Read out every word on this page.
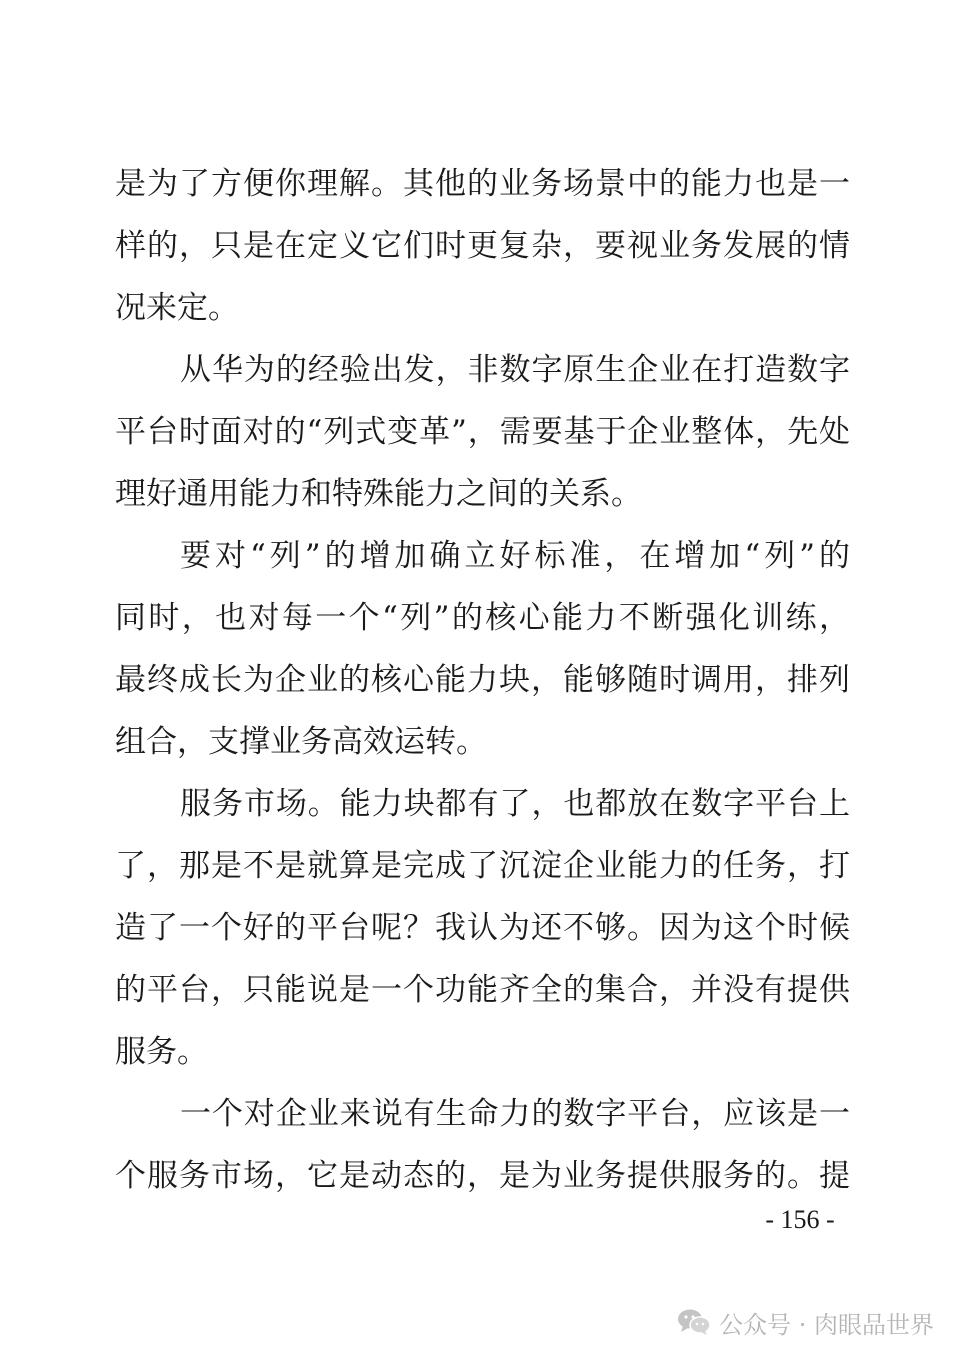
是为了方便你理解。其他的业务场景中的能力也是一
样的，只是在定义它们时更复杂，要视业务发展的情
况来定。
从华为的经验出发，非数字原生企业在打造数字
平台时面对的“列式变革”，需要基于企业整体，先处
理好通用能力和特殊能力之间的关系。
要对“列”的增加确立好标准，在增加“列”的
同时，也对每一个“列”的核心能力不断强化训练，
最终成长为企业的核心能力块，能够随时调用，排列
组合，支撑业务高效运转。
服务市场。能力块都有了，也都放在数字平台上
了，那是不是就算是完成了沉淀企业能力的任务，打
造了一个好的平台呢？我认为还不够。因为这个时候
的平台，只能说是一个功能齐全的集合，并没有提供
服务。
一个对企业来说有生命力的数字平台，应该是一
个服务市场，它是动态的，是为业务提供服务的。提
- 156 -
公众号 · 肉眼品世界
